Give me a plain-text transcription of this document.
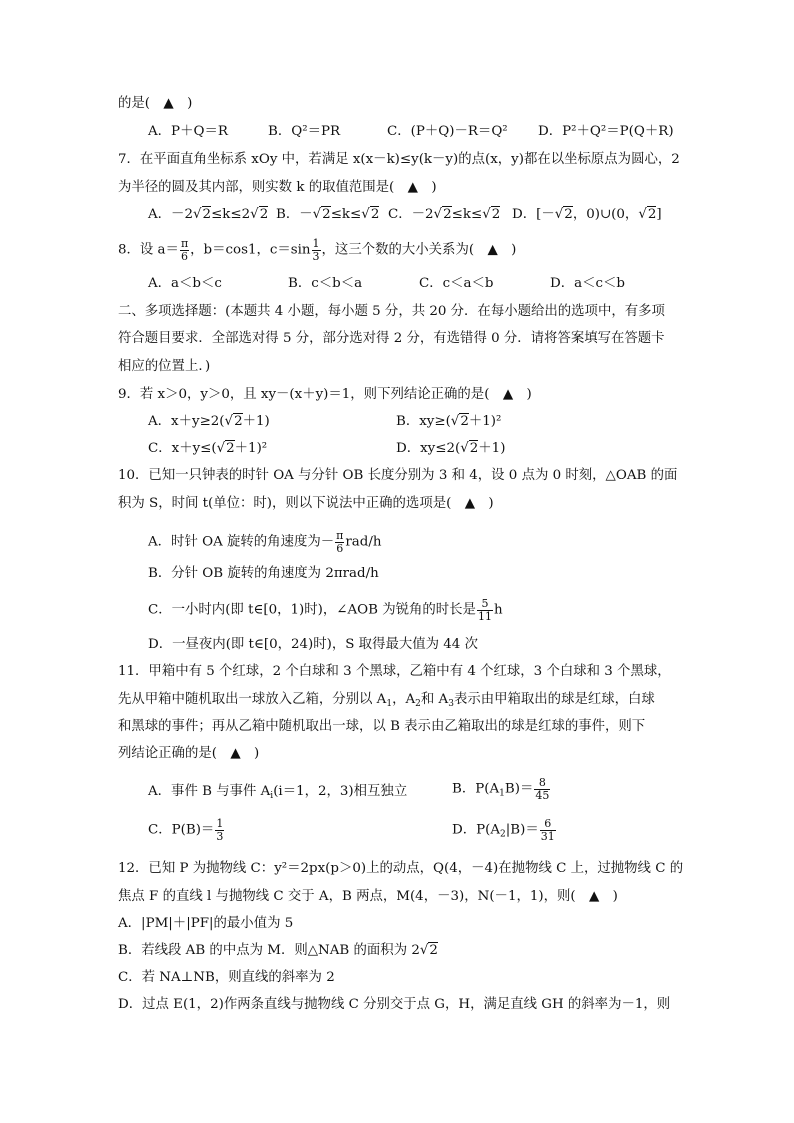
的是(　▲　)
A．P＋Q＝R	B．Q²＝PR	C．(P＋Q)－R＝Q² D．P²＋Q²＝P(Q＋R)
7．在平面直角坐标系 xOy 中，若满足 x(x－k)≤y(k－y)的点(x，y)都在以坐标原点为圆心，2
为半径的圆及其内部，则实数 k 的取值范围是(　▲　)
A．－2√2≤k≤2√2 B．－√2≤k≤√2 C．－2√2≤k≤√2 D．[－√2，0)∪(0，√2]
8．设 $a= \frac{\pi}{6}$ ，b＝cos1，$c=\sin \frac{1}{3}$ ，这三个数的大小关系为(　▲　)
A．a＜b＜c	B．c＜b＜a	C．c＜a＜b	D．a＜c＜b
二、多项选择题：(本题共 4 小题，每小题 5 分，共 20 分．在每小题给出的选项中，有多项
符合题目要求．全部选对得 5 分，部分选对得 2 分，有选错得 0 分．请将答案填写在答题卡
相应的位置上．)
9．若 x＞0，y＞0，且 xy－(x＋y)＝1，则下列结论正确的是(　▲　)
A．x＋y≥2(√2＋1)	B．xy≥(√2＋1)²
C．x＋y≤(√2＋1)²	D．xy≤2(√2＋1)
10．已知一只钟表的时针 OA 与分针 OB 长度分别为 3 和 4，设 0 点为 0 时刻，△OAB 的面
积为 S，时间 t(单位：时)，则以下说法中正确的选项是(　▲　)
A．时针 OA 旋转的角速度为－ $\frac{\pi}{6} rad/h$
B．分针 OB 旋转的角速度为 2πrad/h
C．一小时内(即 t∈[0，1)时)，∠AOB 为锐角的时长是 $\frac{5}{11}$ h
D．一昼夜内(即 t∈[0，24)时)，S 取得最大值为 44 次
11．甲箱中有 5 个红球，2 个白球和 3 个黑球，乙箱中有 4 个红球，3 个白球和 3 个黑球，
先从甲箱中随机取出一球放入乙箱，分别以 $A_1$，$A_2$和 $A_3$表示由甲箱取出的球是红球，白球
和黑球的事件；再从乙箱中随机取出一球，以 B 表示由乙箱取出的球是红球的事件，则下
列结论正确的是(　▲　)
A．事件 B 与事件 $A_i(i=1$，2，3)相互独立	B．$P(A_1B)= \frac{8}{45}$
C．$P(B)= \frac{1}{3}$	D．$P(A_2|B)= \frac{6}{31}$
12．已知 P 为抛物线 C：y²＝2px(p＞0)上的动点，Q(4，－4)在抛物线 C 上，过抛物线 C 的
焦点 F 的直线 l 与抛物线 C 交于 A，B 两点，M(4，－3)，N(－1，1)，则(　▲　)
A．|PM|＋|PF|的最小值为 5
B．若线段 AB 的中点为 M．则△NAB 的面积为 2√2
C．若 NA⊥NB，则直线的斜率为 2
D．过点 E(1，2)作两条直线与抛物线 C 分别交于点 G，H，满足直线 GH 的斜率为－1，则
